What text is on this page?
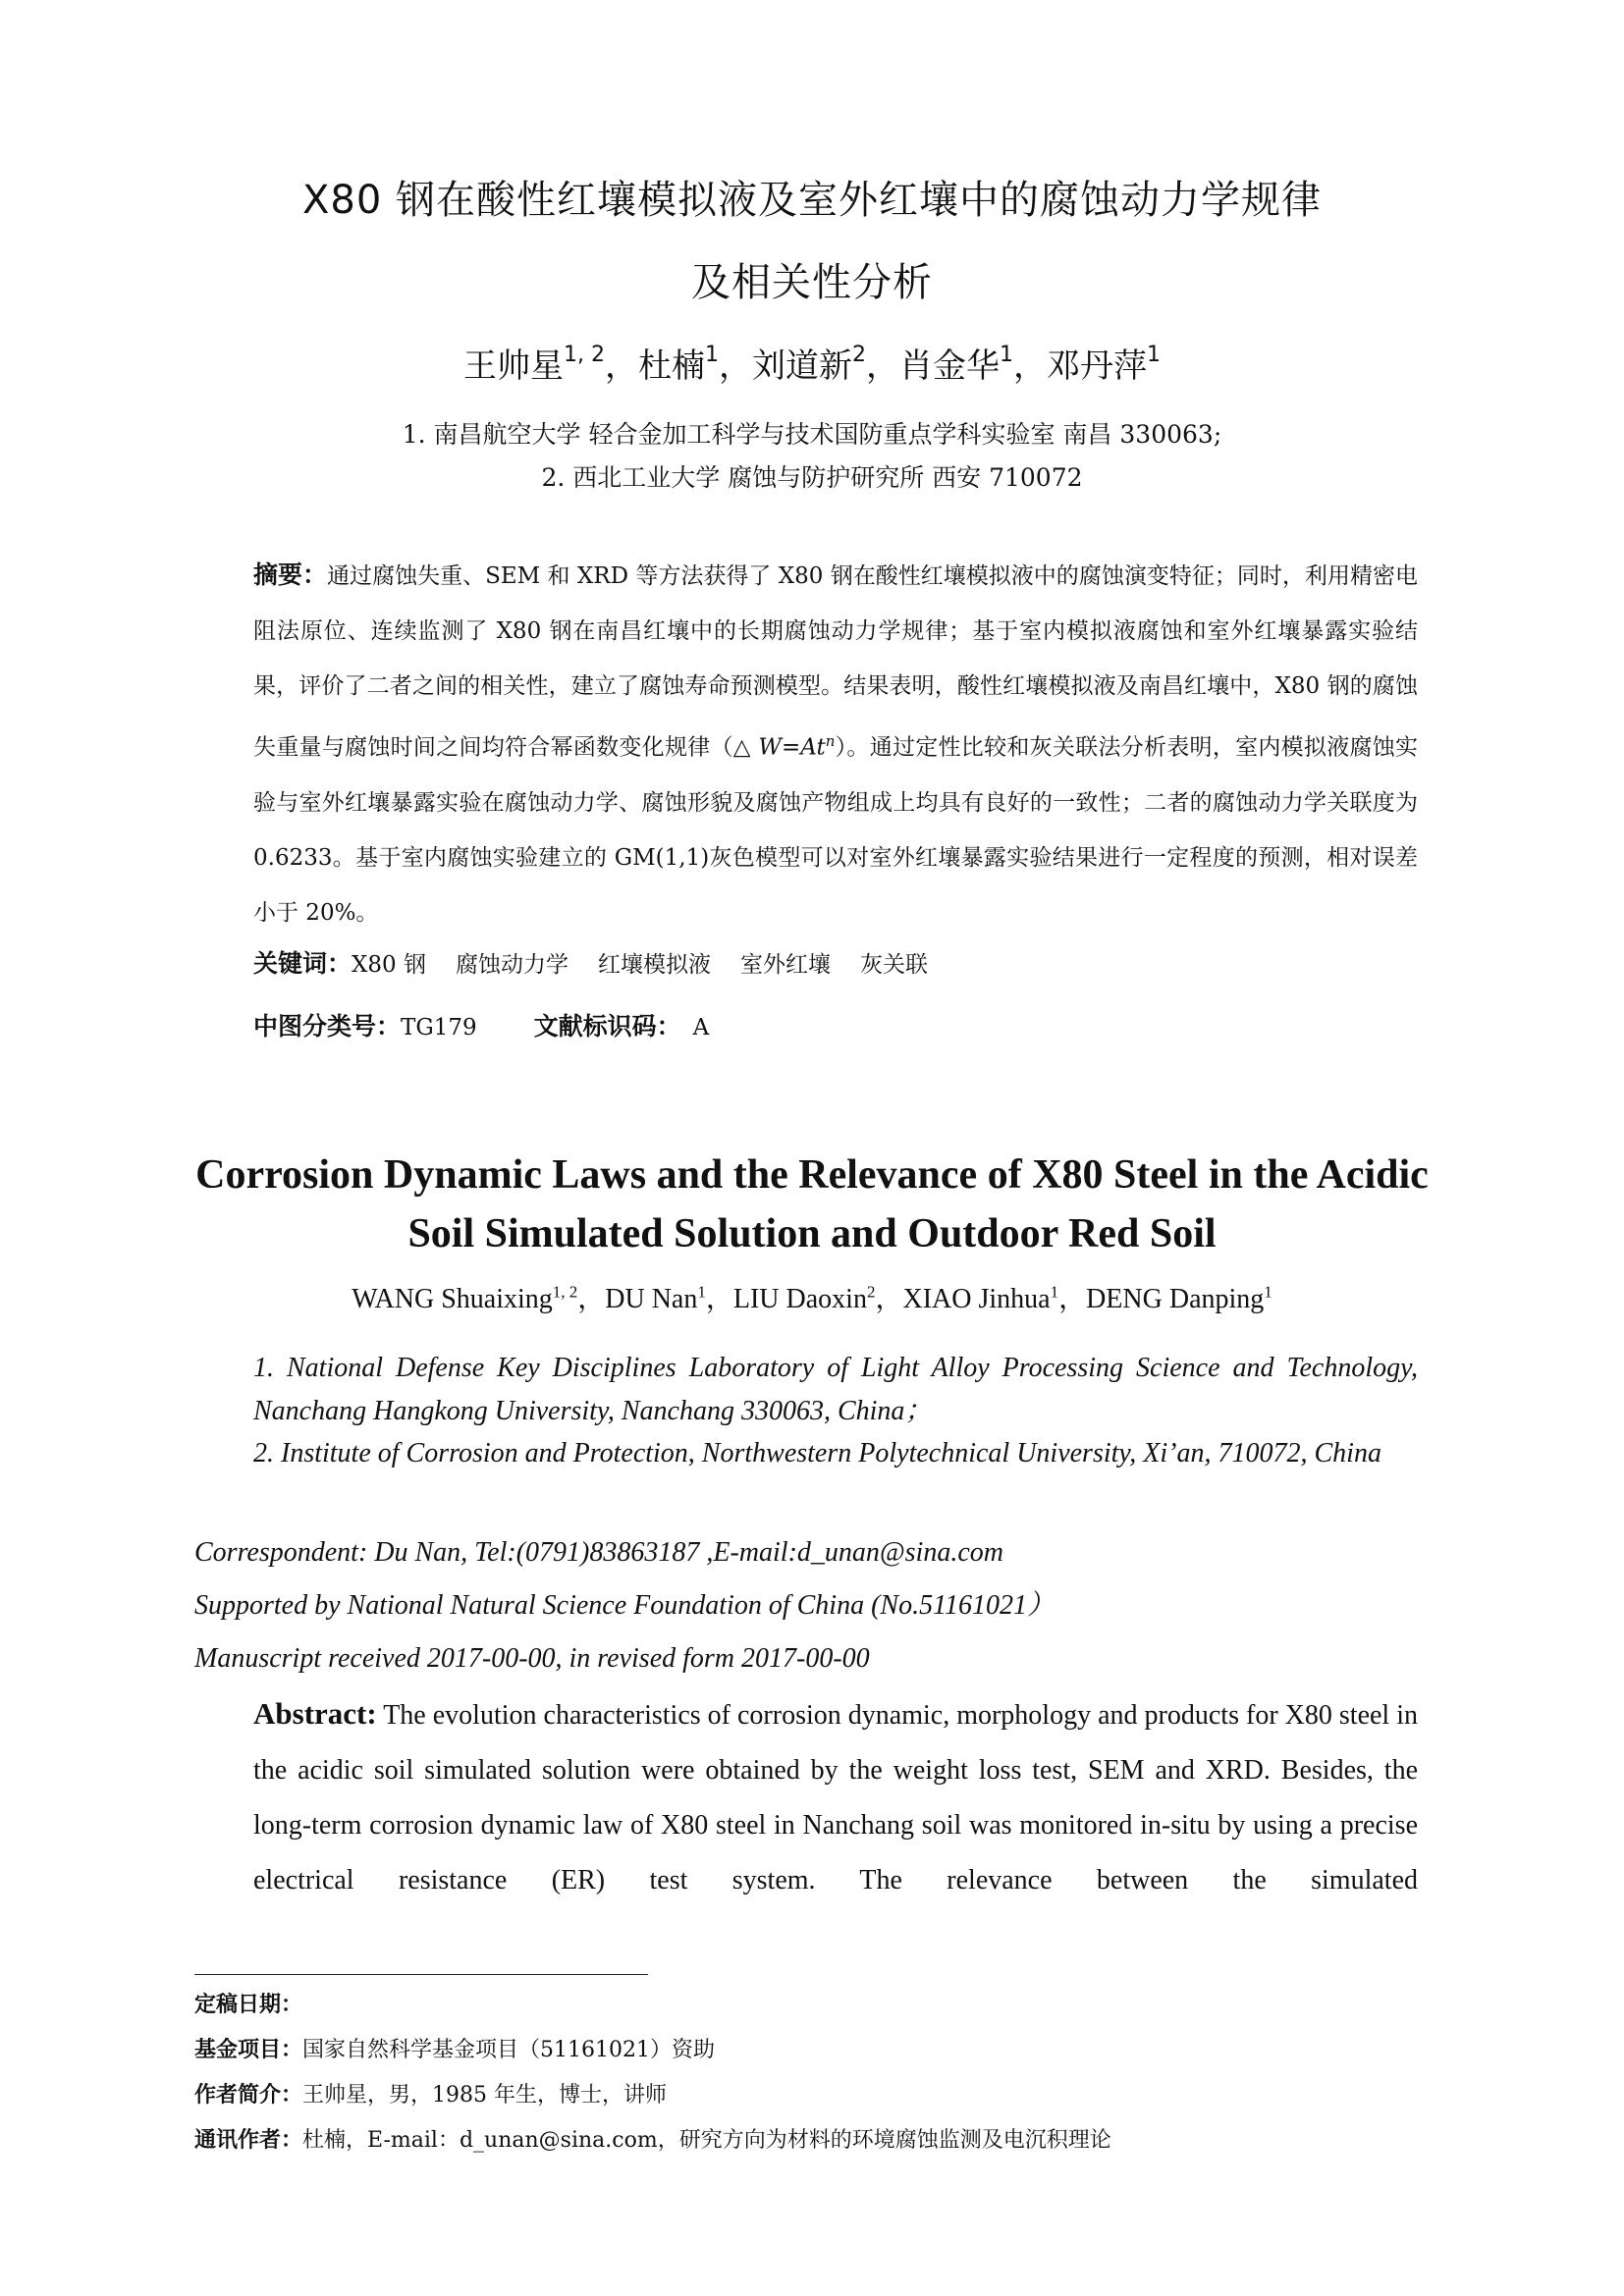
X80 钢在酸性红壤模拟液及室外红壤中的腐蚀动力学规律
及相关性分析
王帅星$^{1, 2}$，杜楠$^1$，刘道新$^2$，肖金华$^1$，邓丹萍$^1$
1. 南昌航空大学 轻合金加工科学与技术国防重点学科实验室 南昌 330063;
2. 西北工业大学 腐蚀与防护研究所 西安 710072
摘要：通过腐蚀失重、SEM 和 XRD 等方法获得了 X80 钢在酸性红壤模拟液中的腐蚀演变特征；同时，利用精密电阻法原位、连续监测了 X80 钢在南昌红壤中的长期腐蚀动力学规律；基于室内模拟液腐蚀和室外红壤暴露实验结果，评价了二者之间的相关性，建立了腐蚀寿命预测模型。结果表明，酸性红壤模拟液及南昌红壤中，X80 钢的腐蚀失重量与腐蚀时间之间均符合幂函数变化规律（△ $W=At^n$）。通过定性比较和灰关联法分析表明，室内模拟液腐蚀实验与室外红壤暴露实验在腐蚀动力学、腐蚀形貌及腐蚀产物组成上均具有良好的一致性；二者的腐蚀动力学关联度为 0.6233。基于室内腐蚀实验建立的 GM(1,1)灰色模型可以对室外红壤暴露实验结果进行一定程度的预测，相对误差小于 20%。
关键词：X80 钢 腐蚀动力学 红壤模拟液 室外红壤 灰关联
中图分类号：TG179 文献标识码： A
Corrosion Dynamic Laws and the Relevance of X80 Steel in the Acidic
Soil Simulated Solution and Outdoor Red Soil
WANG Shuaixing$^{1, 2}$，DU Nan$^1$，LIU Daoxin$^2$，XIAO Jinhua$^1$，DENG Danping$^1$
1. National Defense Key Disciplines Laboratory of Light Alloy Processing Science and Technology, Nanchang Hangkong University, Nanchang 330063, China；
2. Institute of Corrosion and Protection, Northwestern Polytechnical University, Xi’an, 710072, China
Correspondent: Du Nan, Tel:(0791)83863187 ,E-mail:d_unan@sina.com
Supported by National Natural Science Foundation of China (No.51161021）
Manuscript received 2017-00-00, in revised form 2017-00-00
Abstract: The evolution characteristics of corrosion dynamic, morphology and products for X80 steel in the acidic soil simulated solution were obtained by the weight loss test, SEM and XRD. Besides, the long-term corrosion dynamic law of X80 steel in Nanchang soil was monitored in-situ by using a precise electrical resistance (ER) test system. The relevance between the simulated
定稿日期：
基金项目：国家自然科学基金项目（51161021）资助
作者简介：王帅星，男，1985 年生，博士，讲师
通讯作者：杜楠，E-mail：d_unan@sina.com，研究方向为材料的环境腐蚀监测及电沉积理论
